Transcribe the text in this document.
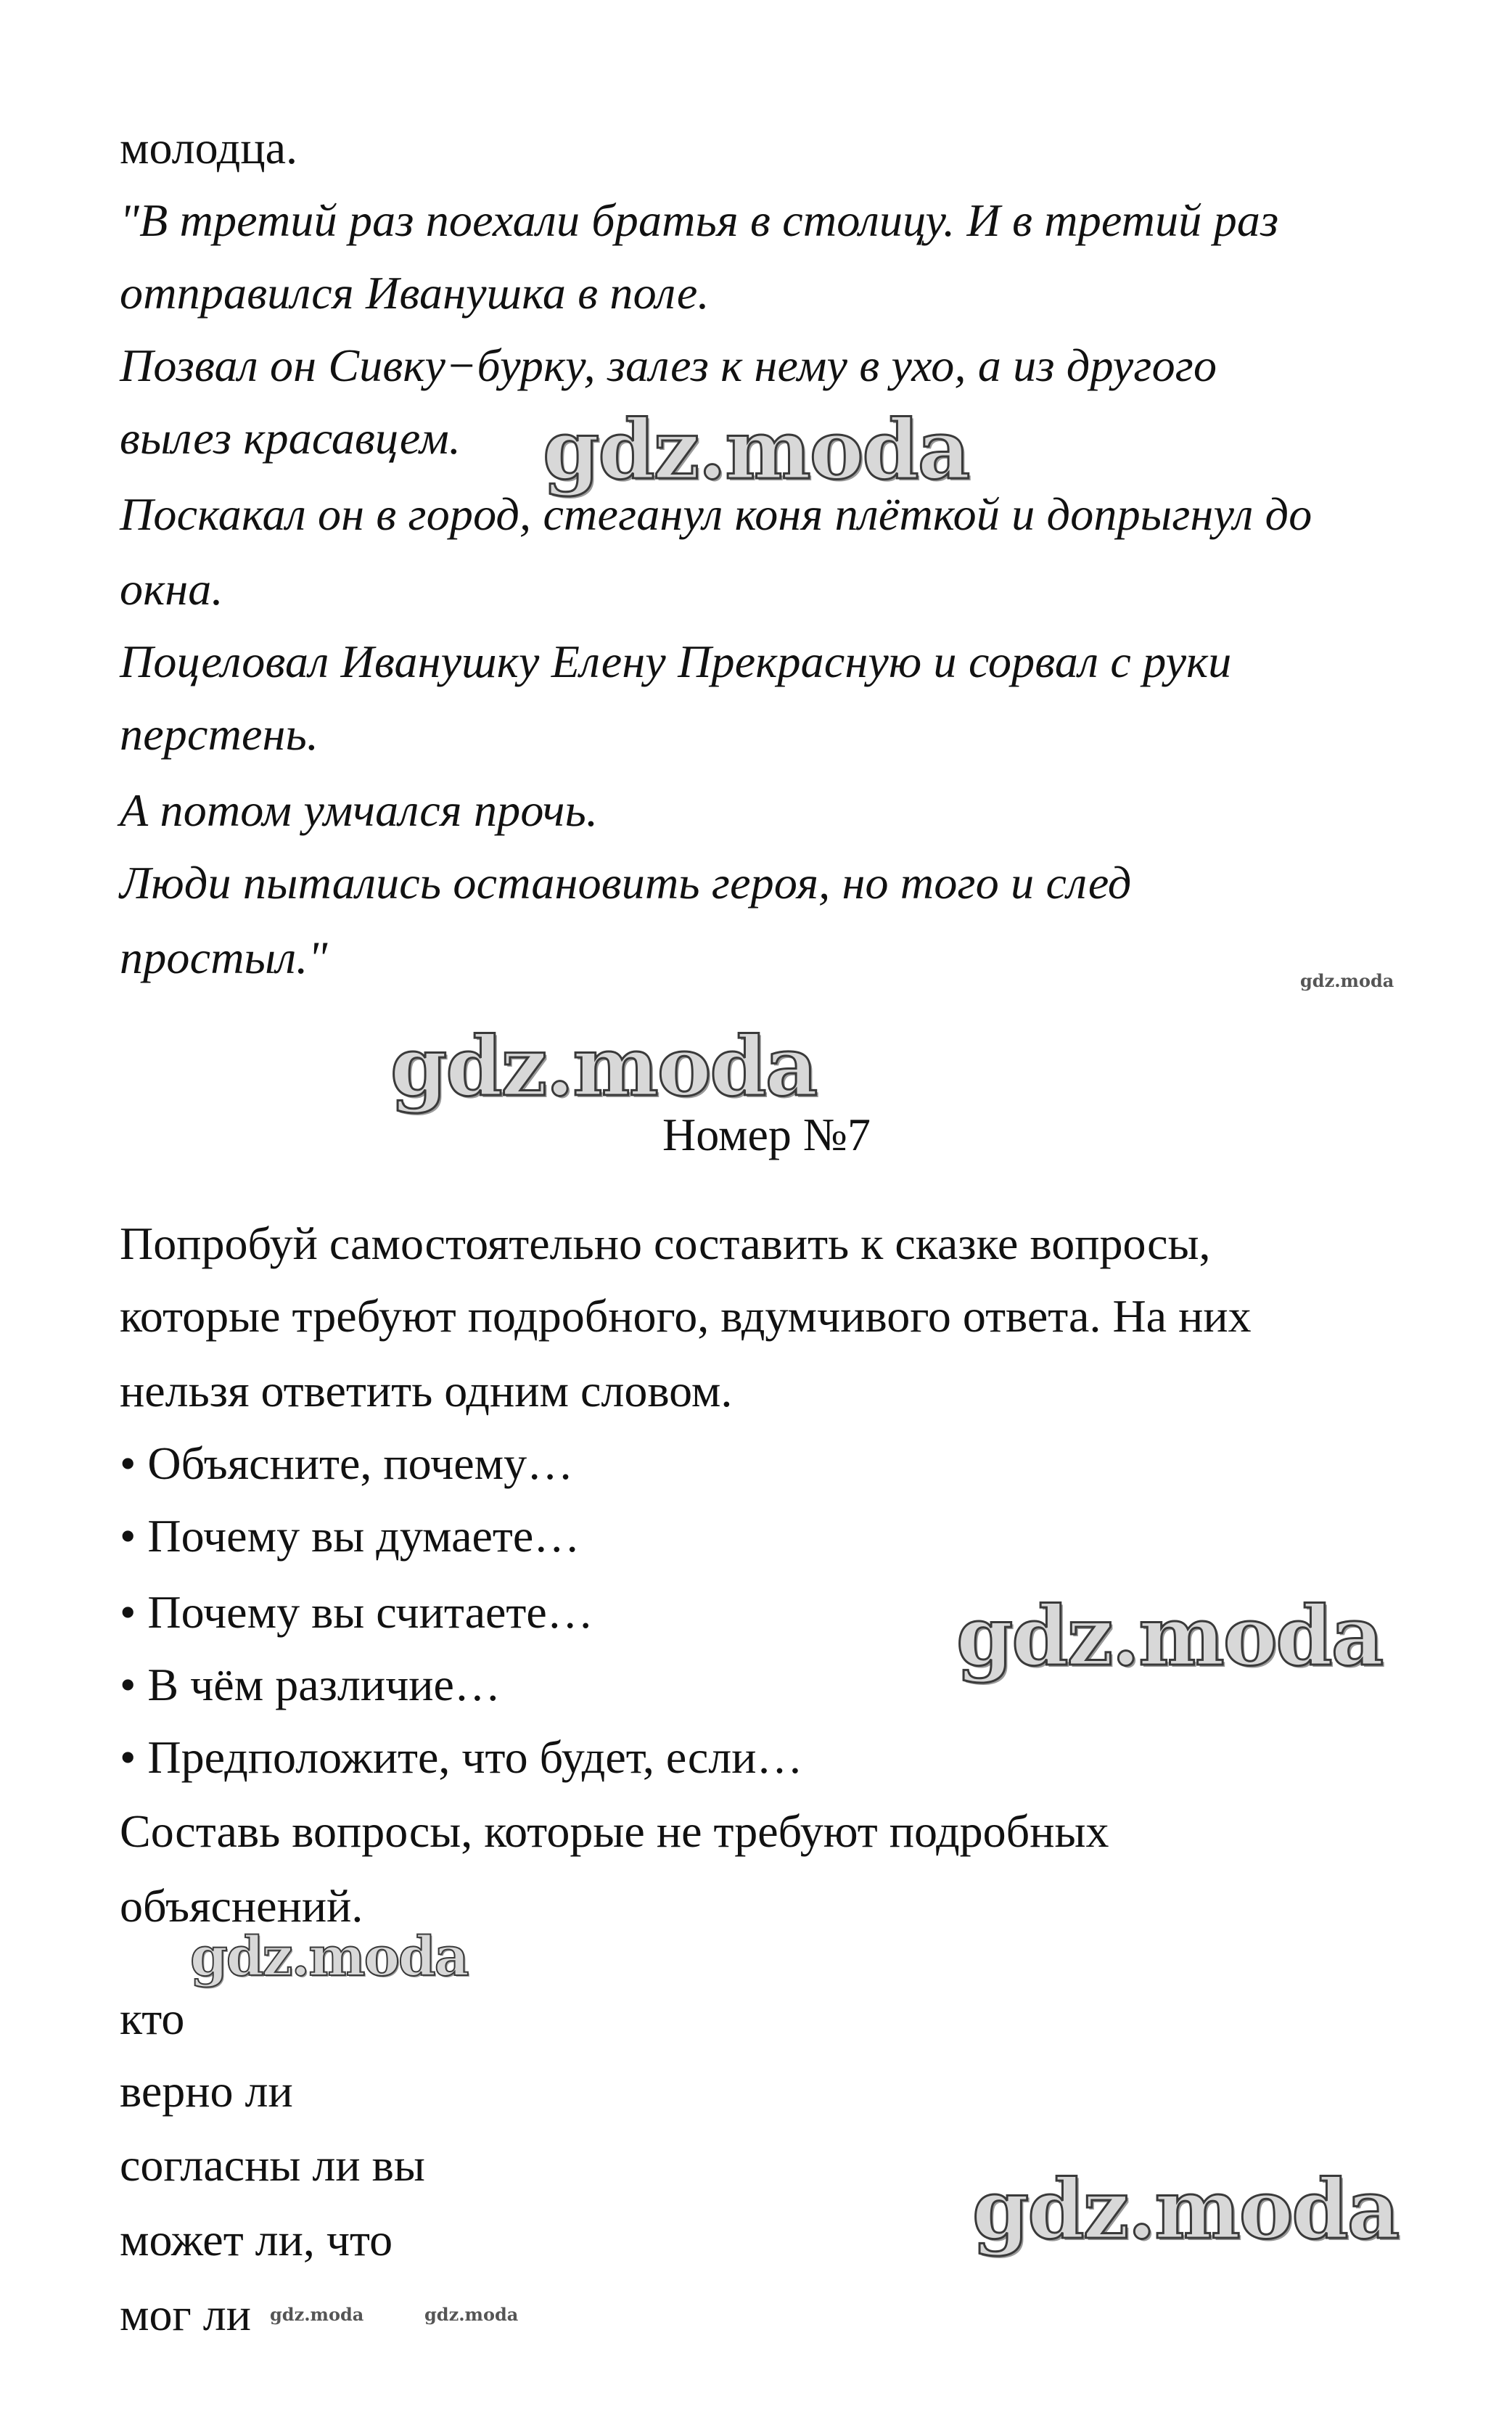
молодца.
"В третий раз поехали братья в столицу. И в третий раз
отправился Иванушка в поле.
Позвал он Сивку−бурку, залез к нему в ухо, а из другого
вылез красавцем.
Поскакал он в город, стеганул коня плёткой и допрыгнул до
окна.
Поцеловал Иванушку Елену Прекрасную и сорвал с руки
перстень.
А потом умчался прочь.
Люди пытались остановить героя, но того и след
простыл."
Номер №7
Попробуй самостоятельно составить к сказке вопросы,
которые требуют подробного, вдумчивого ответа. На них
нельзя ответить одним словом.
• Объясните, почему…
• Почему вы думаете…
• Почему вы считаете…
• В чём различие…
• Предположите, что будет, если…
Составь вопросы, которые не требуют подробных
объяснений.
кто
верно ли
согласны ли вы
может ли, что
мог ли
gdz.moda
gdz.moda
gdz.moda
gdz.moda
gdz.moda
gdz.moda
gdz.moda	gdz.moda
